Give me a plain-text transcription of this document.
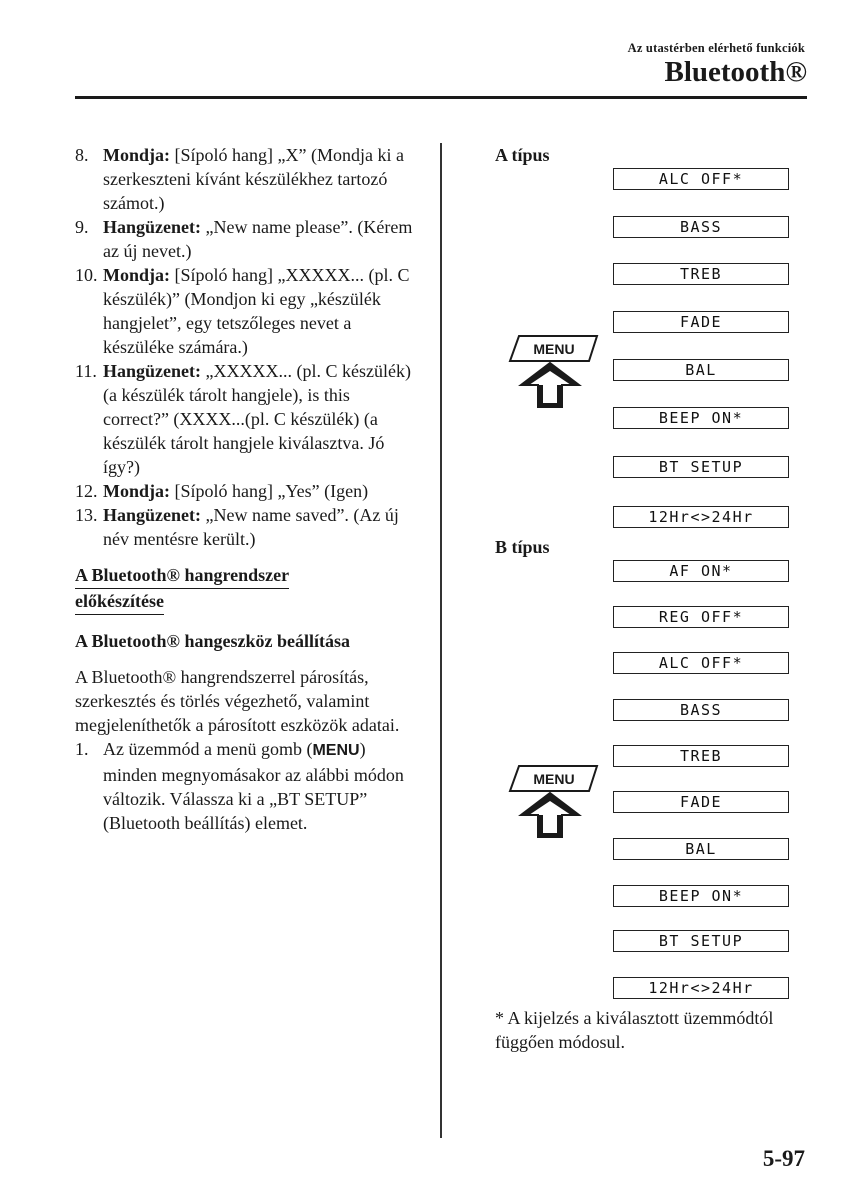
Az utastérben elérhető funkciók
Bluetooth®
8. Mondja: [Sípoló hang] „X” (Mondja ki a szerkeszteni kívánt készülékhez tartozó számot.)
9. Hangüzenet: „New name please”. (Kérem az új nevet.)
10. Mondja: [Sípoló hang] „XXXXX... (pl. C készülék)” (Mondjon ki egy „készülék hangjelet”, egy tetszőleges nevet a készüléke számára.)
11. Hangüzenet: „XXXXX... (pl. C készülék) (a készülék tárolt hangjele), is this correct?” (XXXX...(pl. C készülék) (a készülék tárolt hangjele kiválasztva. Jó így?)
12. Mondja: [Sípoló hang] „Yes” (Igen)
13. Hangüzenet: „New name saved”. (Az új név mentésre került.)
A Bluetooth® hangrendszer
előkészítése
A Bluetooth® hangeszköz beállítása
A Bluetooth® hangrendszerrel párosítás, szerkesztés és törlés végezhető, valamint megjeleníthetők a párosított eszközök adatai.
1. Az üzemmód a menü gomb (MENU) minden megnyomásakor az alábbi módon változik. Válassza ki a „BT SETUP” (Bluetooth beállítás) elemet.
A típus
ALC OFF*
BASS
TREB
FADE
BAL
BEEP ON*
BT SETUP
12Hr<>24Hr
MENU
B típus
AF ON*
REG OFF*
ALC OFF*
BASS
TREB
FADE
BAL
BEEP ON*
BT SETUP
12Hr<>24Hr
MENU
* A kijelzés a kiválasztott üzemmódtól függően módosul.
5-97
